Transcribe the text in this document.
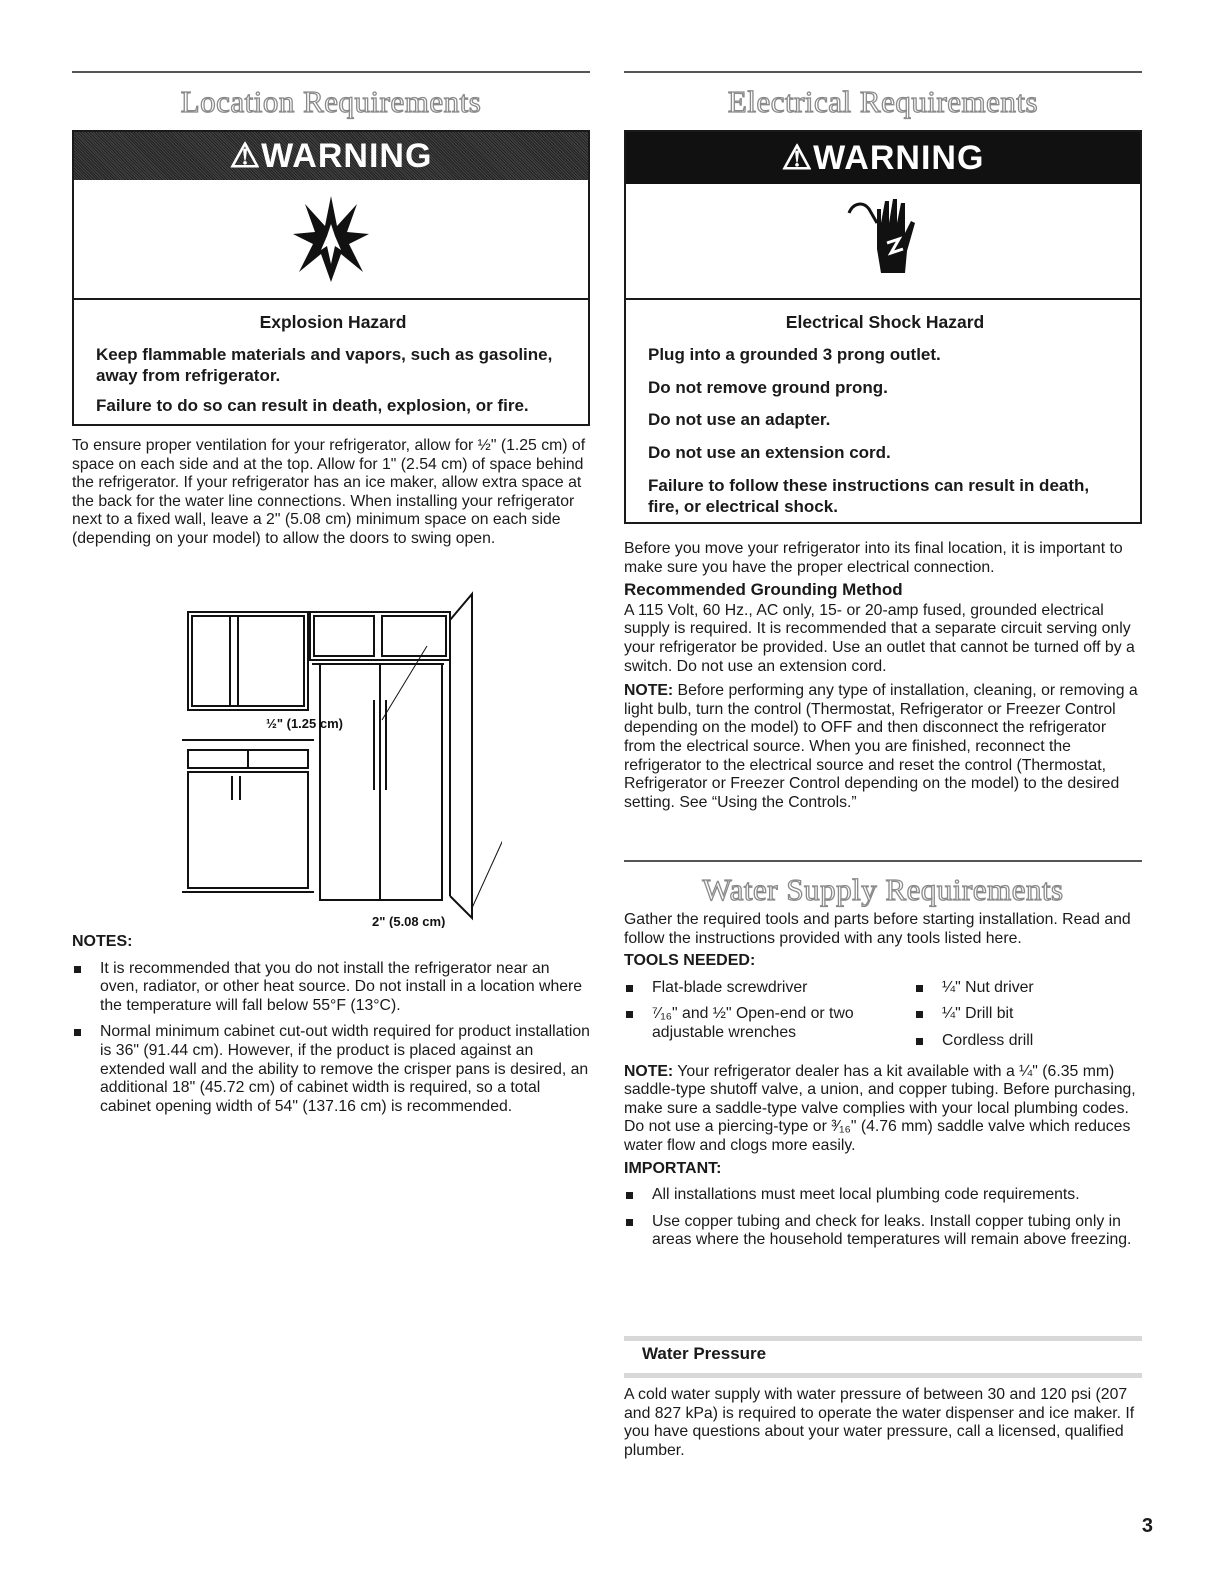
Location Requirements
⚠WARNING
Explosion Hazard

Keep flammable materials and vapors, such as gasoline, away from refrigerator.

Failure to do so can result in death, explosion, or fire.

To ensure proper ventilation for your refrigerator, allow for ½" (1.25 cm) of space on each side and at the top. Allow for 1" (2.54 cm) of space behind the refrigerator. If your refrigerator has an ice maker, allow extra space at the back for the water line connections. When installing your refrigerator next to a fixed wall, leave a 2" (5.08 cm) minimum space on each side (depending on your model) to allow the doors to swing open.
½" (1.25 cm)
2" (5.08 cm)

NOTES:

It is recommended that you do not install the refrigerator near an oven, radiator, or other heat source. Do not install in a location where the temperature will fall below 55°F (13°C).
Normal minimum cabinet cut-out width required for product installation is 36" (91.44 cm). However, if the product is placed against an extended wall and the ability to remove the crisper pans is desired, an additional 18" (45.72 cm) of cabinet width is required, so a total cabinet opening width of 54" (137.16 cm) is recommended.
Electrical Requirements
⚠WARNING
Electrical Shock Hazard

Plug into a grounded 3 prong outlet.

Do not remove ground prong.

Do not use an adapter.

Do not use an extension cord.

Failure to follow these instructions can result in death, fire, or electrical shock.

Before you move your refrigerator into its final location, it is important to make sure you have the proper electrical connection.

Recommended Grounding Method

A 115 Volt, 60 Hz., AC only, 15- or 20-amp fused, grounded electrical supply is required. It is recommended that a separate circuit serving only your refrigerator be provided. Use an outlet that cannot be turned off by a switch. Do not use an extension cord.

NOTE: Before performing any type of installation, cleaning, or removing a light bulb, turn the control (Thermostat, Refrigerator or Freezer Control depending on the model) to OFF and then disconnect the refrigerator from the electrical source. When you are finished, reconnect the refrigerator to the electrical source and reset the control (Thermostat, Refrigerator or Freezer Control depending on the model) to the desired setting. See “Using the Controls.”

Water Supply Requirements

Gather the required tools and parts before starting installation. Read and follow the instructions provided with any tools listed here.

TOOLS NEEDED:

Flat-blade screwdriver
⁷⁄₁₆" and ½" Open-end or two adjustable wrenches
¼" Nut driver
¼" Drill bit
Cordless drill

NOTE: Your refrigerator dealer has a kit available with a ¼" (6.35 mm) saddle-type shutoff valve, a union, and copper tubing. Before purchasing, make sure a saddle-type valve complies with your local plumbing codes. Do not use a piercing-type or ³⁄₁₆" (4.76 mm) saddle valve which reduces water flow and clogs more easily.

IMPORTANT:

All installations must meet local plumbing code requirements.
Use copper tubing and check for leaks. Install copper tubing only in areas where the household temperatures will remain above freezing.
A cold water supply with water pressure of between 30 and 120 psi (207 and 827 kPa) is required to operate the water dispenser and ice maker. If you have questions about your water pressure, call a licensed, qualified plumber.
Water Pressure
3
